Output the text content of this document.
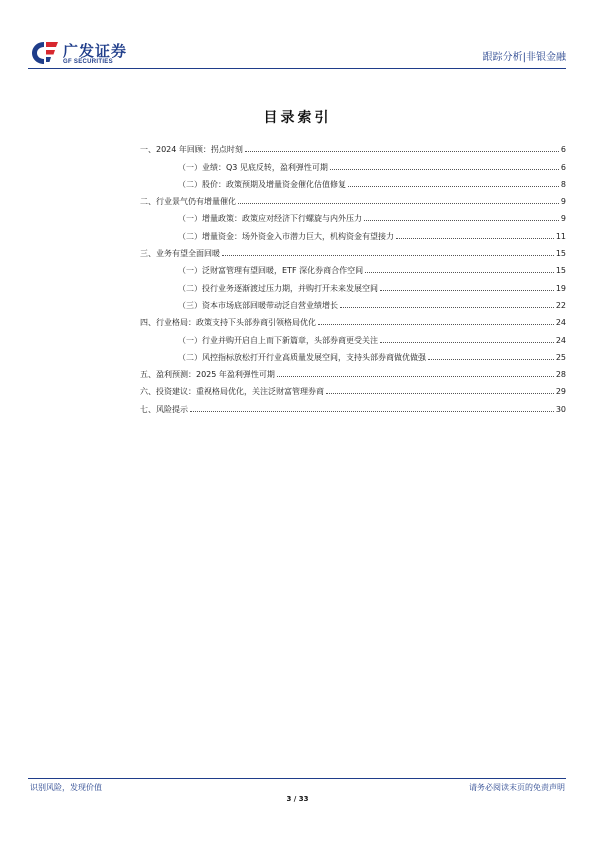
广发证券
GF SECURITIES	跟踪分析|非银金融
目录索引
一、2024 年回顾：拐点时刻	6
（一）业绩：Q3 见底反转，盈利弹性可期	6
（二）股价：政策预期及增量资金催化估值修复	8
二、行业景气仍有增量催化	9
（一）增量政策：政策应对经济下行螺旋与内外压力	9
（二）增量资金：场外资金入市潜力巨大，机构资金有望接力	11
三、业务有望全面回暖	15
（一）泛财富管理有望回暖，ETF 深化券商合作空间	15
（二）投行业务逐渐渡过压力期，并购打开未来发展空间	19
（三）资本市场底部回暖带动泛自营业绩增长	22
四、行业格局：政策支持下头部券商引领格局优化	24
（一）行业并购开启自上而下新篇章，头部券商更受关注	24
（二）风控指标放松打开行业高质量发展空间，支持头部券商做优做强	25
五、盈利预测：2025 年盈利弹性可期	28
六、投资建议：重视格局优化，关注泛财富管理券商	29
七、风险提示	30
识别风险，发现价值	请务必阅读末页的免责声明
3 / 33
